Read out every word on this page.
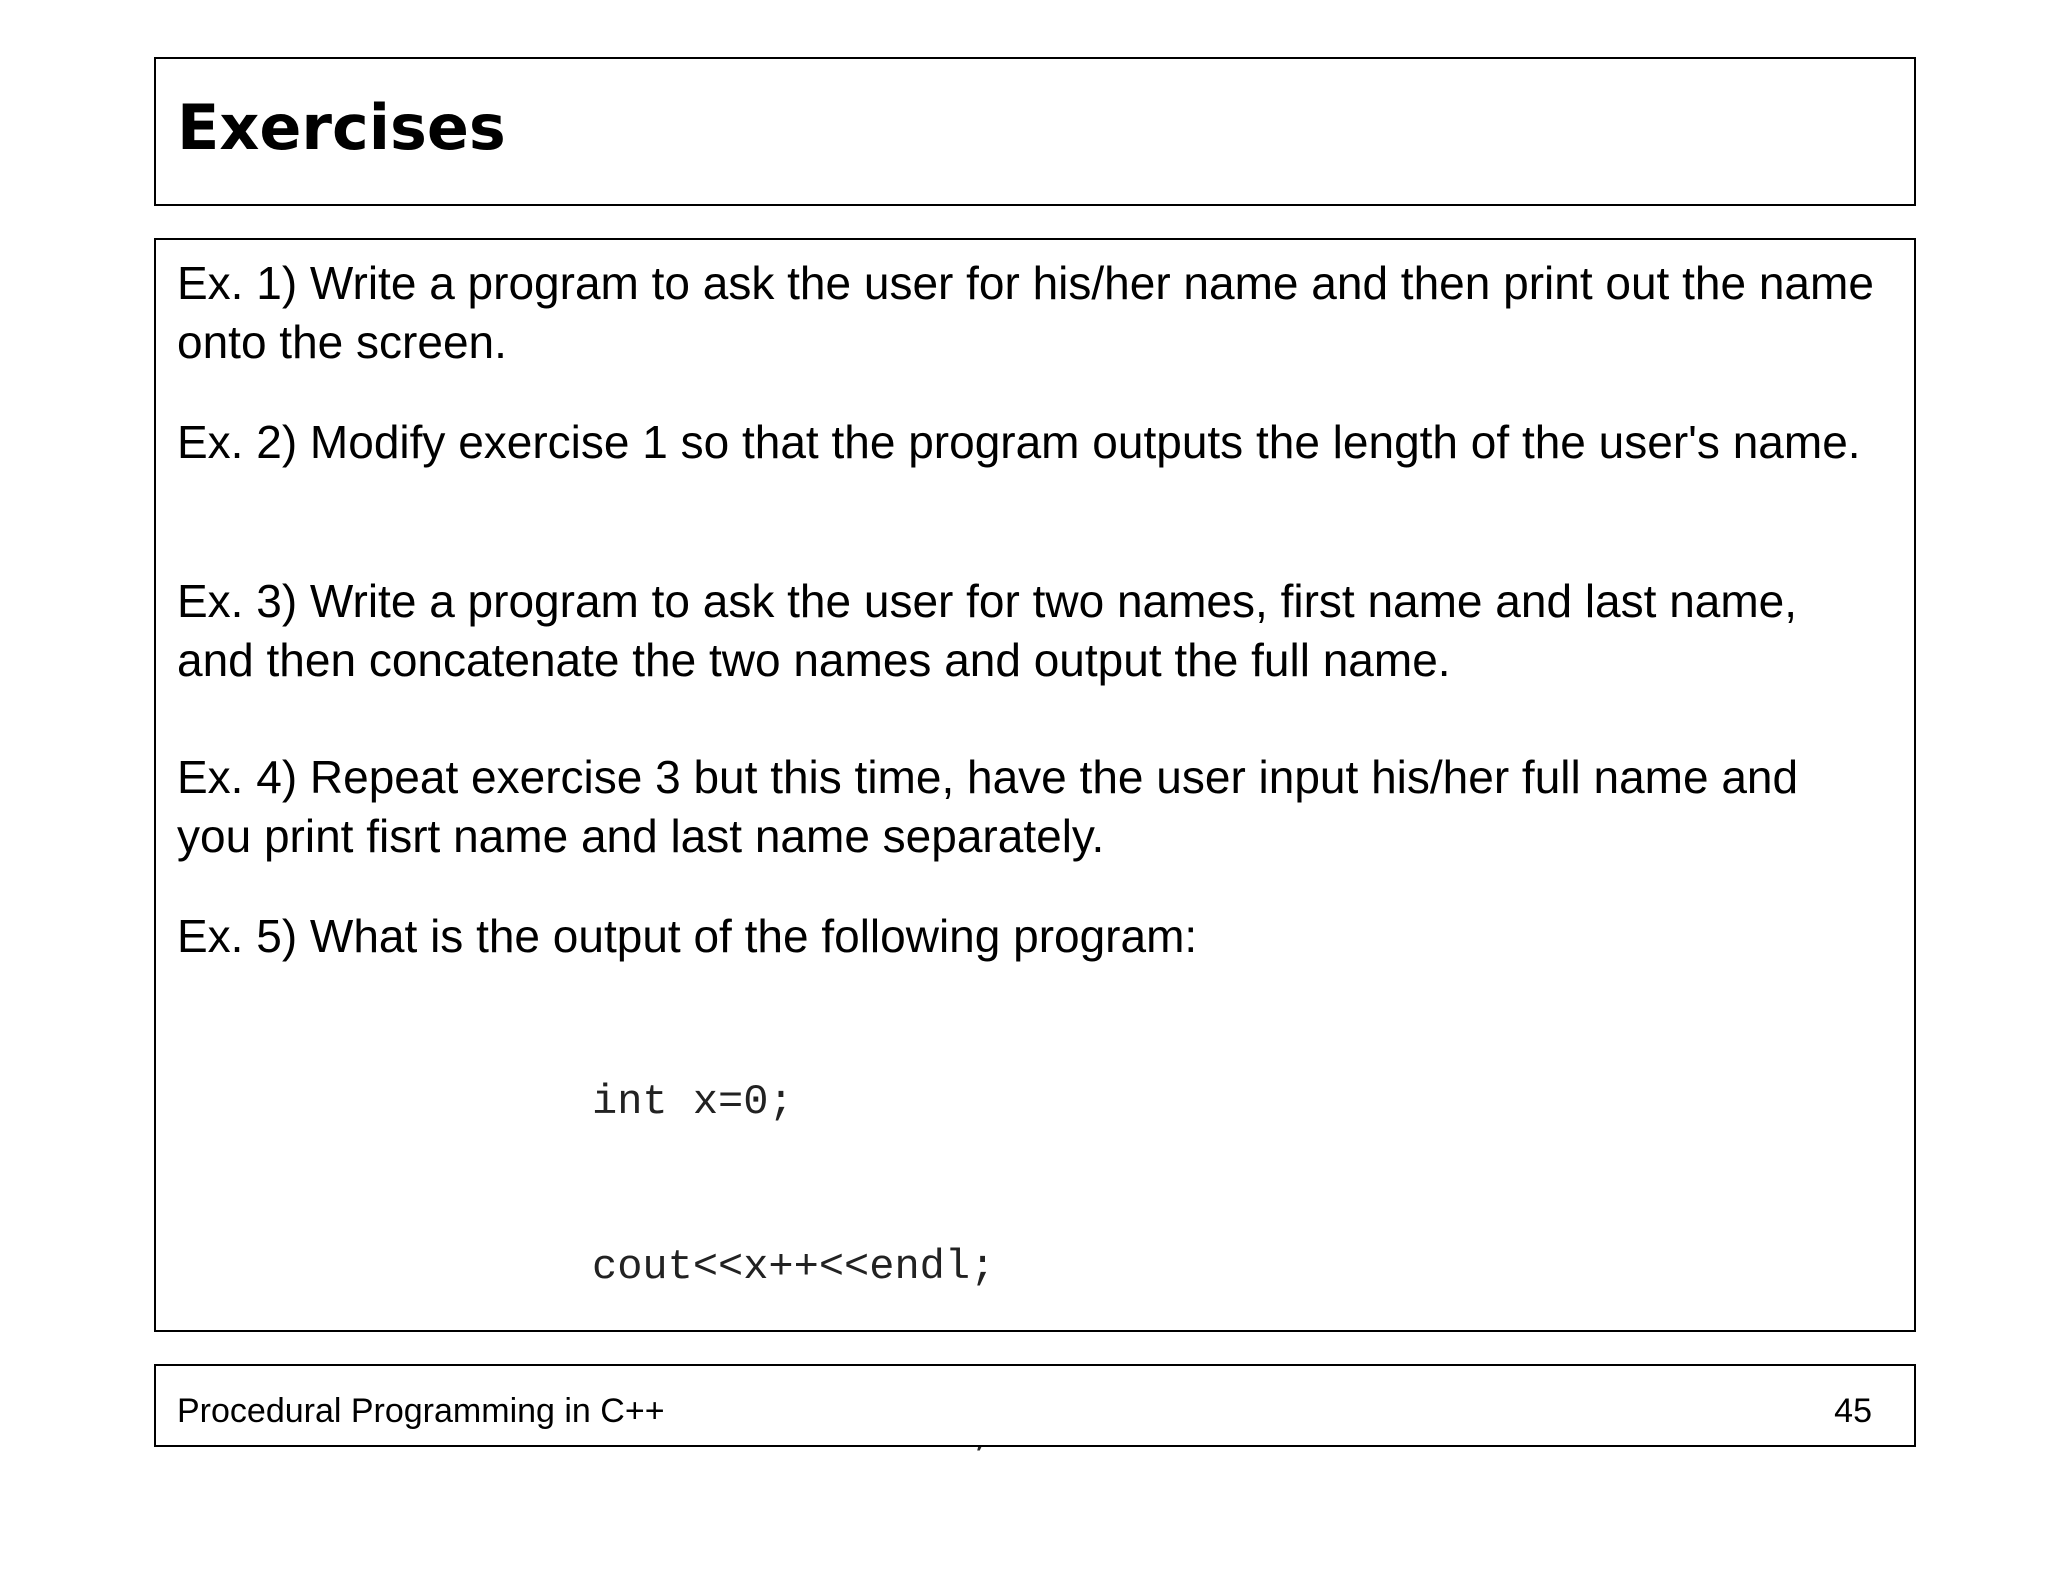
Exercises

Ex. 1) Write a program to ask the user for his/her name and then print out the name onto the screen.

Ex. 2) Modify exercise 1 so that the program outputs the length of the user's name.

Ex. 3) Write a program to ask the user for two names, first name and last name, and then concatenate the two names and output the full name.

Ex. 4) Repeat exercise 3 but this time, have the user input his/her full name and you print fisrt name and last name separately.

Ex. 5) What is the output of the following program:

int x=0;

cout<<x++<<endl;

Procedural Programming in C++	45
